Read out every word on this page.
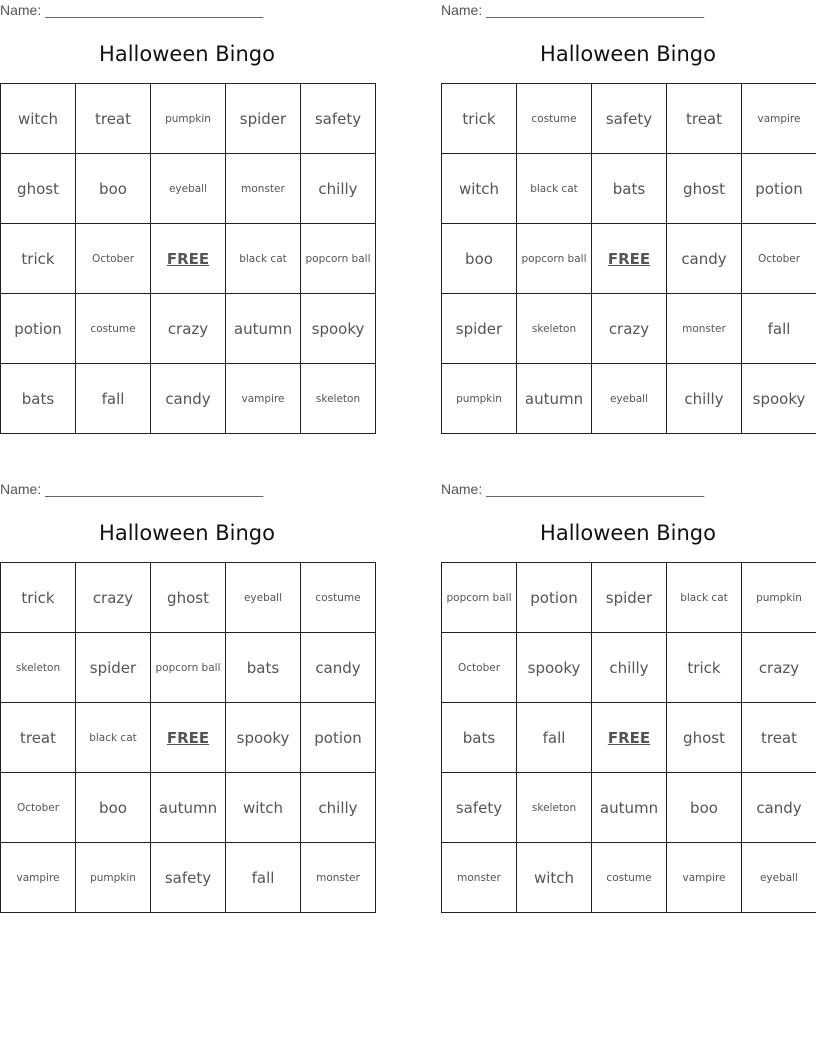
Name: ____________________________
Halloween Bingo
witch	treat	pumpkin	spider	safety
ghost	boo	eyeball	monster	chilly
trick	October	FREE	black cat	popcorn ball
potion	costume	crazy	autumn	spooky
bats	fall	candy	vampire	skeleton
Name: ____________________________
Halloween Bingo
trick	costume	safety	treat	vampire
witch	black cat	bats	ghost	potion
boo	popcorn ball	FREE	candy	October
spider	skeleton	crazy	monster	fall
pumpkin	autumn	eyeball	chilly	spooky
Name: ____________________________
Halloween Bingo
trick	crazy	ghost	eyeball	costume
skeleton	spider	popcorn ball	bats	candy
treat	black cat	FREE	spooky	potion
October	boo	autumn	witch	chilly
vampire	pumpkin	safety	fall	monster
Name: ____________________________
Halloween Bingo
popcorn ball	potion	spider	black cat	pumpkin
October	spooky	chilly	trick	crazy
bats	fall	FREE	ghost	treat
safety	skeleton	autumn	boo	candy
monster	witch	costume	vampire	eyeball
